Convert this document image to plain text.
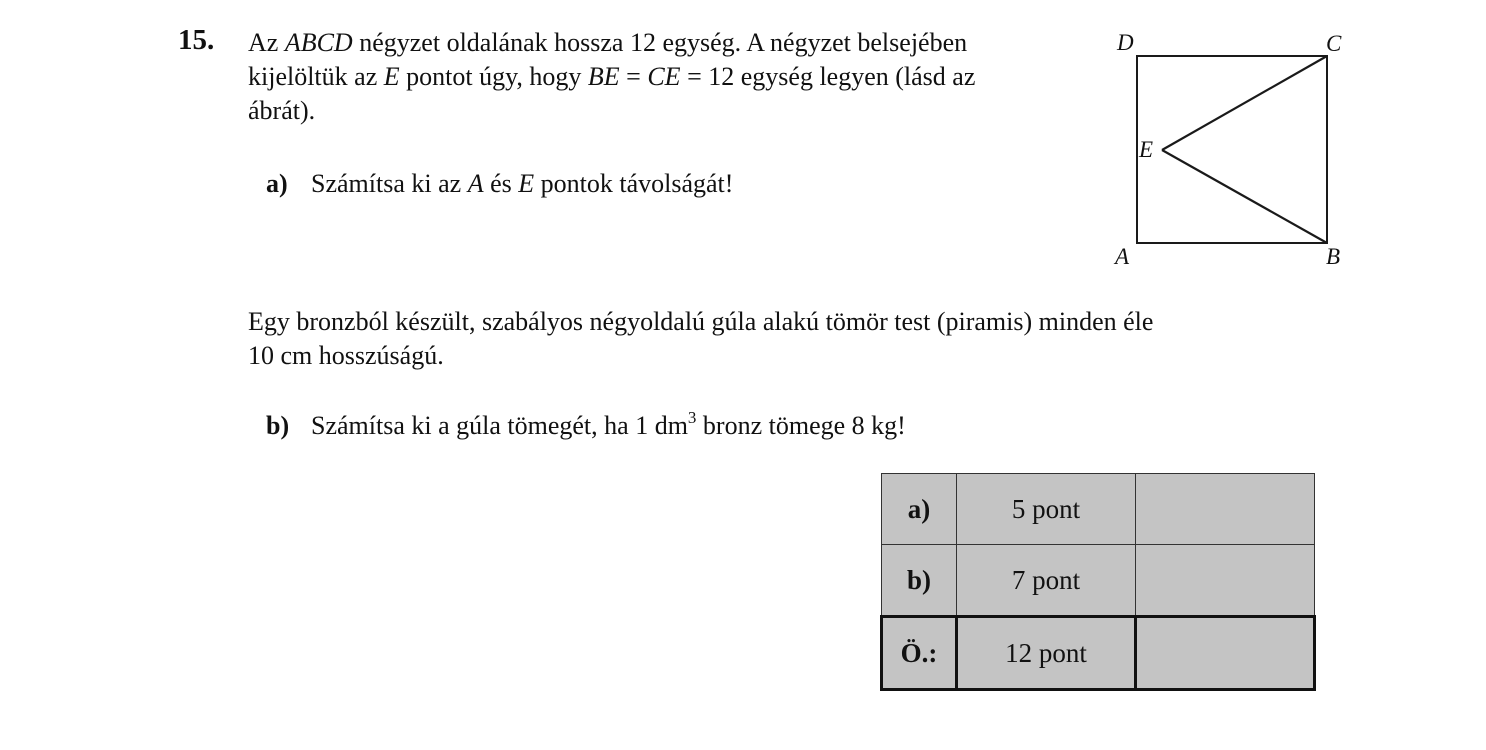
15. Az ABCD négyzet oldalának hossza 12 egység. A négyzet belsejében
kijelöltük az E pontot úgy, hogy BE = CE = 12 egység legyen (lásd az
ábrát).
a) Számítsa ki az A és E pontok távolságát!
Egy bronzból készült, szabályos négyoldalú gúla alakú tömör test (piramis) minden éle
10 cm hosszúságú.
b) Számítsa ki a gúla tömegét, ha 1 $dm^3$ bronz tömege 8 kg!
D	C
E
A	B
a)	5 pont	
b)	7 pont	
Ö.:	12 pont	
